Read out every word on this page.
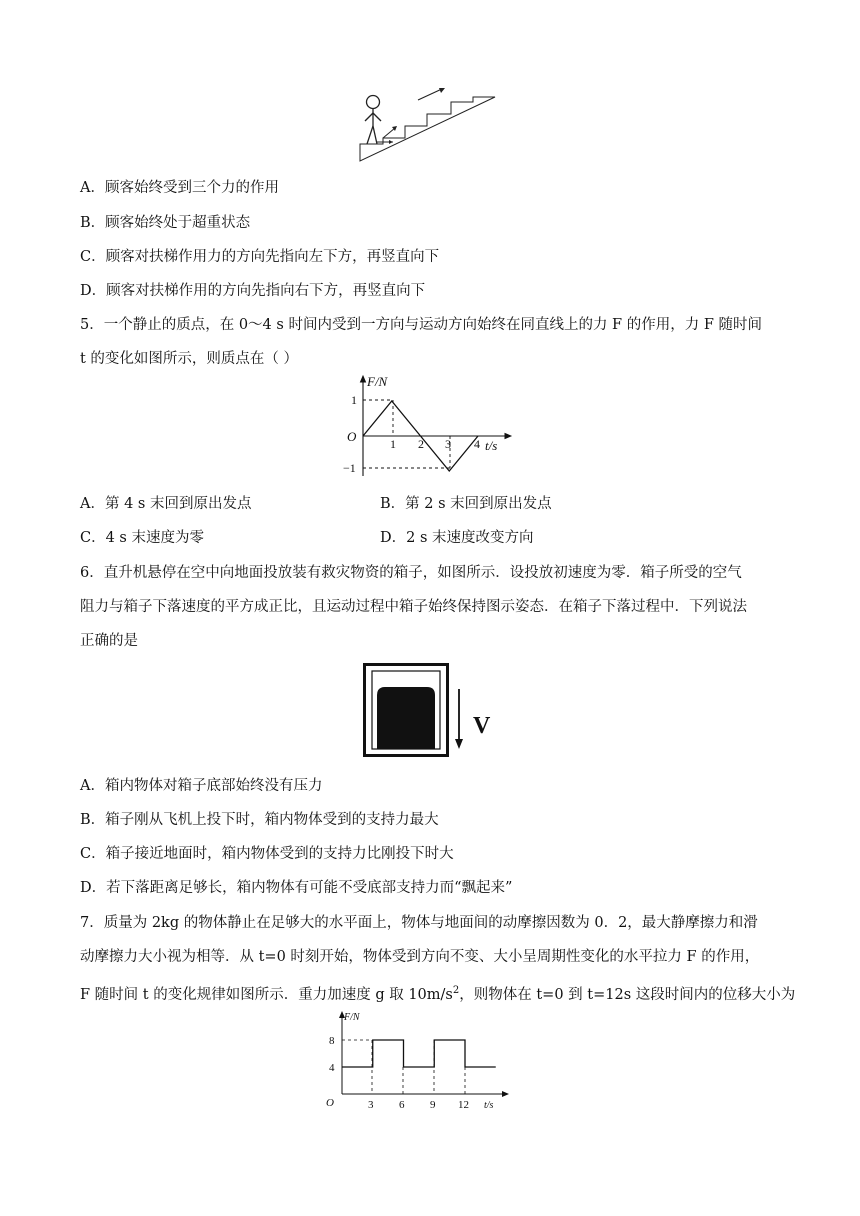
A．顾客始终受到三个力的作用
B．顾客始终处于超重状态
C．顾客对扶梯作用力的方向先指向左下方，再竖直向下
D．顾客对扶梯作用的方向先指向右下方，再竖直向下
5．一个静止的质点，在 0～4 s 时间内受到一方向与运动方向始终在同直线上的力 F 的作用，力 F 随时间
t 的变化如图所示，则质点在（ ）
F/N
O
1
−1
1 2 3 4 t/s
A．第 4 s 末回到原出发点	B．第 2 s 末回到原出发点
C．4 s 末速度为零	D．2 s 末速度改变方向
6．直升机悬停在空中向地面投放装有救灾物资的箱子，如图所示．设投放初速度为零．箱子所受的空气
阻力与箱子下落速度的平方成正比，且运动过程中箱子始终保持图示姿态．在箱子下落过程中．下列说法
正确的是
V
A．箱内物体对箱子底部始终没有压力
B．箱子刚从飞机上投下时，箱内物体受到的支持力最大
C．箱子接近地面时，箱内物体受到的支持力比刚投下时大
D．若下落距离足够长，箱内物体有可能不受底部支持力而“飘起来”
7．质量为 2kg 的物体静止在足够大的水平面上，物体与地面间的动摩擦因数为 0．2，最大静摩擦力和滑
动摩擦力大小视为相等．从 t=0 时刻开始，物体受到方向不变、大小呈周期性变化的水平拉力 F 的作用，
F 随时间 t 的变化规律如图所示．重力加速度 g 取 $10m/s^2$，则物体在 t=0 到 t=12s 这段时间内的位移大小为
F/N
O
4
8
3 6 9 12 t/s
